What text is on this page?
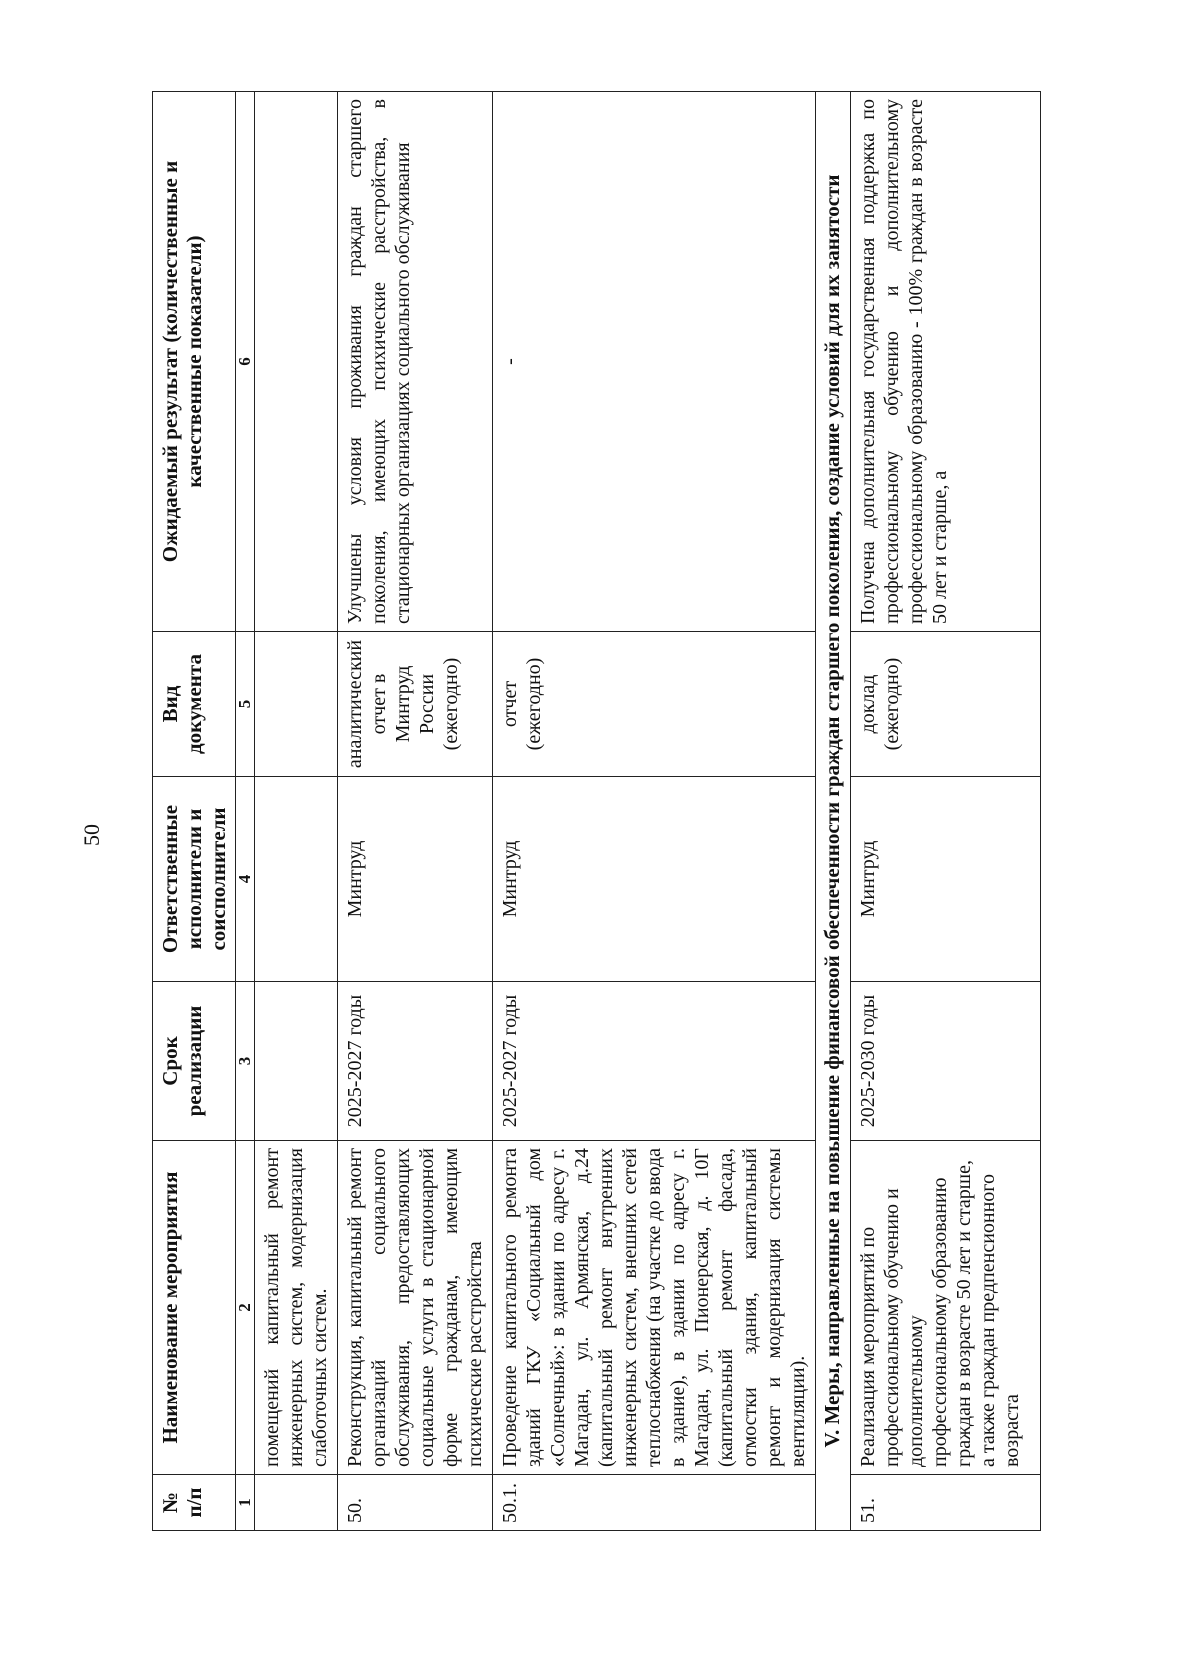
50
№ п/п	Наименование мероприятия	Срок реализации	Ответственные исполнители и соисполнители	Вид документа	Ожидаемый результат (количественные и качественные показатели)
1	2	3	4	5	6
	помещений капитальный ремонт инженерных систем, модернизация слаботочных систем.				
50.	Реконструкция, капитальный ремонт организаций социального обслуживания, предоставляющих социальные услуги в стационарной форме гражданам, имеющим психические расстройства	2025-2027 годы	Минтруд	аналитический отчет в Минтруд России (ежегодно)	Улучшены условия проживания граждан старшего поколения, имеющих психические расстройства, в стационарных организациях социального обслуживания
50.1.	Проведение капитального ремонта зданий ГКУ «Социальный дом «Солнечный»: в здании по адресу г. Магадан, ул. Армянская, д.24 (капитальный ремонт внутренних инженерных систем, внешних сетей теплоснабжения (на участке до ввода в здание), в здании по адресу г. Магадан, ул. Пионерская, д. 10Г (капитальный ремонт фасада, отмостки здания, капитальный ремонт и модернизация системы вентиляции).	2025-2027 годы	Минтруд	отчет (ежегодно)	-
V. Меры, направленные на повышение финансовой обеспеченности граждан старшего поколения, создание условий для их занятости					
51.	Реализация мероприятий по профессиональному обучению и дополнительному профессиональному образованию граждан в возрасте 50 лет и старше, а также граждан предпенсионного возраста	2025-2030 годы	Минтруд	доклад (ежегодно)	Получена дополнительная государственная поддержка по профессиональному обучению и дополнительному профессиональному образованию - 100% граждан в возрасте 50 лет и старше, а
